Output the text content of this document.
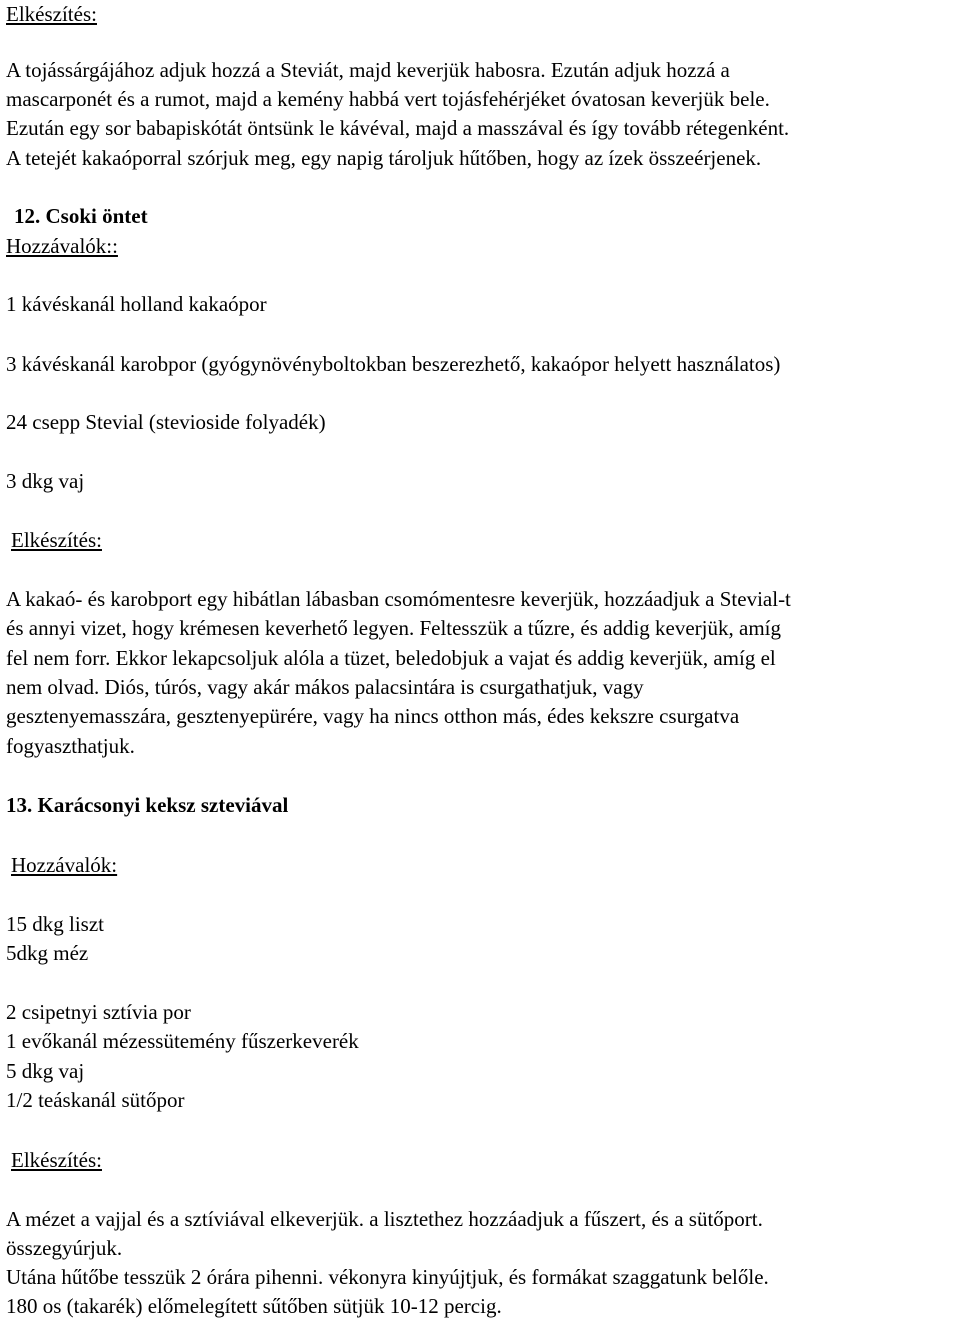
Elkészítés:
A tojássárgájához adjuk hozzá a Steviát, majd keverjük habosra. Ezután adjuk hozzá a
mascarponét és a rumot, majd a kemény habbá vert tojásfehérjéket óvatosan keverjük bele.
Ezután egy sor babapiskótát öntsünk le kávéval, majd a masszával és így tovább rétegenként.
A tetejét kakaóporral szórjuk meg, egy napig tároljuk hűtőben, hogy az ízek összeérjenek.
12. Csoki öntet
Hozzávalók::
1 kávéskanál holland kakaópor
3 kávéskanál karobpor (gyógynövényboltokban beszerezhető, kakaópor helyett használatos)
24 csepp Stevial (stevioside folyadék)
3 dkg vaj
Elkészítés:
A kakaó- és karobport egy hibátlan lábasban csomómentesre keverjük, hozzáadjuk a Stevial-t
és annyi vizet, hogy krémesen keverhető legyen. Feltesszük a tűzre, és addig keverjük, amíg
fel nem forr. Ekkor lekapcsoljuk alóla a tüzet, beledobjuk a vajat és addig keverjük, amíg el
nem olvad. Diós, túrós, vagy akár mákos palacsintára is csurgathatjuk, vagy
gesztenyemasszára, gesztenyepürére, vagy ha nincs otthon más, édes kekszre csurgatva
fogyaszthatjuk.
13. Karácsonyi keksz szteviával
Hozzávalók:
15 dkg liszt
5dkg méz
2 csipetnyi sztívia por
1 evőkanál mézessütemény fűszerkeverék
5 dkg vaj
1/2 teáskanál sütőpor
Elkészítés:
A mézet a vajjal és a sztíviával elkeverjük. a lisztethez hozzáadjuk a fűszert, és a sütőport.
összegyúrjuk.
Utána hűtőbe tesszük 2 órára pihenni. vékonyra kinyújtjuk, és formákat szaggatunk belőle.
180 os (takarék) előmelegített sűtőben sütjük 10-12 percig.
